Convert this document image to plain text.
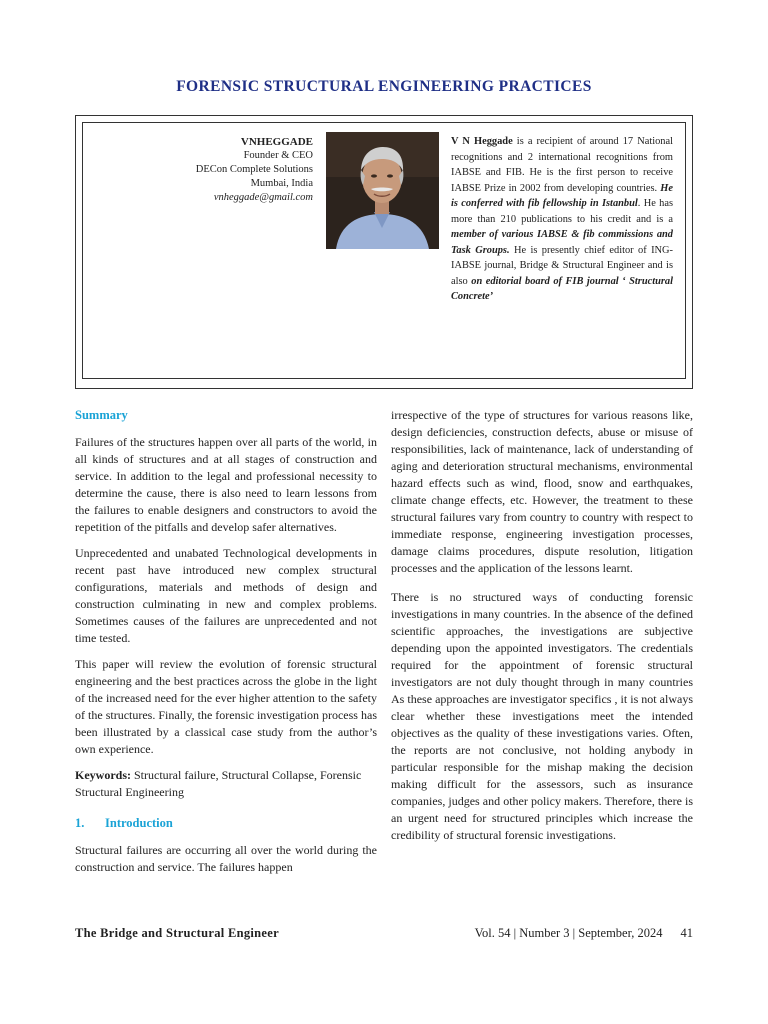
FORENSIC STRUCTURAL ENGINEERING PRACTICES
VNHEGGADE
Founder & CEO
DECon Complete Solutions
Mumbai, India
vnheggade@gmail.com
V N Heggade is a recipient of around 17 National recognitions and 2 international recognitions from IABSE and FIB. He is the first person to receive IABSE Prize in 2002 from developing countries. He is conferred with fib fellowship in Istanbul. He has more than 210 publications to his credit and is a member of various IABSE & fib commissions and Task Groups. He is presently chief editor of ING-IABSE journal, Bridge & Structural Engineer and is also on editorial board of FIB journal ‘ Structural Concrete’
Summary

Failures of the structures happen over all parts of the world, in all kinds of structures and at all stages of construction and service. In addition to the legal and professional necessity to determine the cause, there is also need to learn lessons from the failures to enable designers and constructors to avoid the repetition of the pitfalls and develop safer alternatives.

Unprecedented and unabated Technological developments in recent past have introduced new complex structural configurations, materials and methods of design and construction culminating in new and complex problems. Sometimes causes of the failures are unprecedented and not time tested.

This paper will review the evolution of forensic structural engineering and the best practices across the globe in the light of the increased need for the ever higher attention to the safety of the structures. Finally, the forensic investigation process has been illustrated by a classical case study from the author’s own experience.

Keywords: Structural failure, Structural Collapse, Forensic Structural Engineering

1. Introduction

Structural failures are occurring all over the world during the construction and service. The failures happen

irrespective of the type of structures for various reasons like, design deficiencies, construction defects, abuse or misuse of responsibilities, lack of maintenance, lack of understanding of aging and deterioration structural mechanisms, environmental hazard effects such as wind, flood, snow and earthquakes, climate change effects, etc. However, the treatment to these structural failures vary from country to country with respect to immediate response, engineering investigation processes, damage claims procedures, dispute resolution, litigation processes and the application of the lessons learnt.

There is no structured ways of conducting forensic investigations in many countries. In the absence of the defined scientific approaches, the investigations are subjective depending upon the appointed investigators. The credentials required for the appointment of forensic structural investigators are not duly thought through in many countries As these approaches are investigator specifics , it is not always clear whether these investigations meet the intended objectives as the quality of these investigations varies. Often, the reports are not conclusive, not holding anybody in particular responsible for the mishap making the decision making difficult for the assessors, such as insurance companies, judges and other policy makers. Therefore, there is an urgent need for structured principles which increase the credibility of structural forensic investigations.

The Bridge and Structural Engineer	Vol. 54 | Number 3 | September, 2024 41
